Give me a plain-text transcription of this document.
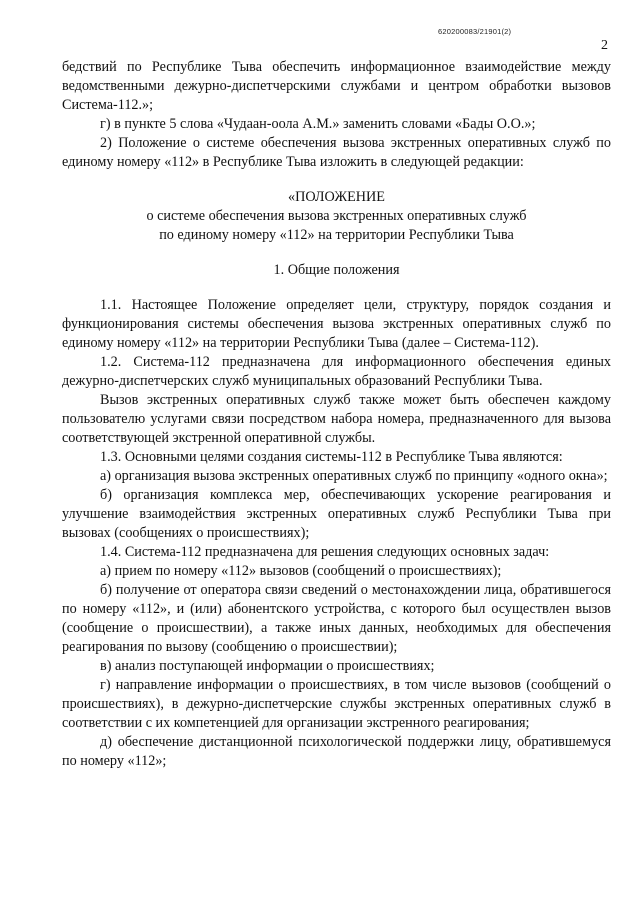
620200083/21901(2)
2

бедствий по Республике Тыва обеспечить информационное взаимодействие между ведомственными дежурно-диспетчерскими службами и центром обработки вызовов Система-112.»;

г) в пункте 5 слова «Чудаан-оола А.М.» заменить словами «Бады О.О.»;

2) Положение о системе обеспечения вызова экстренных оперативных служб по единому номеру «112» в Республике Тыва изложить в следующей редакции:

«ПОЛОЖЕНИЕ

о системе обеспечения вызова экстренных оперативных служб

по единому номеру «112» на территории Республики Тыва

1. Общие положения

1.1. Настоящее Положение определяет цели, структуру, порядок создания и функционирования системы обеспечения вызова экстренных оперативных служб по единому номеру «112» на территории Республики Тыва (далее – Система-112).

1.2. Система-112 предназначена для информационного обеспечения единых дежурно-диспетчерских служб муниципальных образований Республики Тыва.

Вызов экстренных оперативных служб также может быть обеспечен каждому пользователю услугами связи посредством набора номера, предназначенного для вызова соответствующей экстренной оперативной службы.

1.3. Основными целями создания системы-112 в Республике Тыва являются:

а) организация вызова экстренных оперативных служб по принципу «одного окна»;

б) организация комплекса мер, обеспечивающих ускорение реагирования и улучшение взаимодействия экстренных оперативных служб Республики Тыва при вызовах (сообщениях о происшествиях);

1.4. Система-112 предназначена для решения следующих основных задач:

а) прием по номеру «112» вызовов (сообщений о происшествиях);

б) получение от оператора связи сведений о местонахождении лица, обратившегося по номеру «112», и (или) абонентского устройства, с которого был осуществлен вызов (сообщение о происшествии), а также иных данных, необходимых для обеспечения реагирования по вызову (сообщению о происшествии);

в) анализ поступающей информации о происшествиях;

г) направление информации о происшествиях, в том числе вызовов (сообщений о происшествиях), в дежурно-диспетчерские службы экстренных оперативных служб в соответствии с их компетенцией для организации экстренного реагирования;

д) обеспечение дистанционной психологической поддержки лицу, обратившемуся по номеру «112»;
